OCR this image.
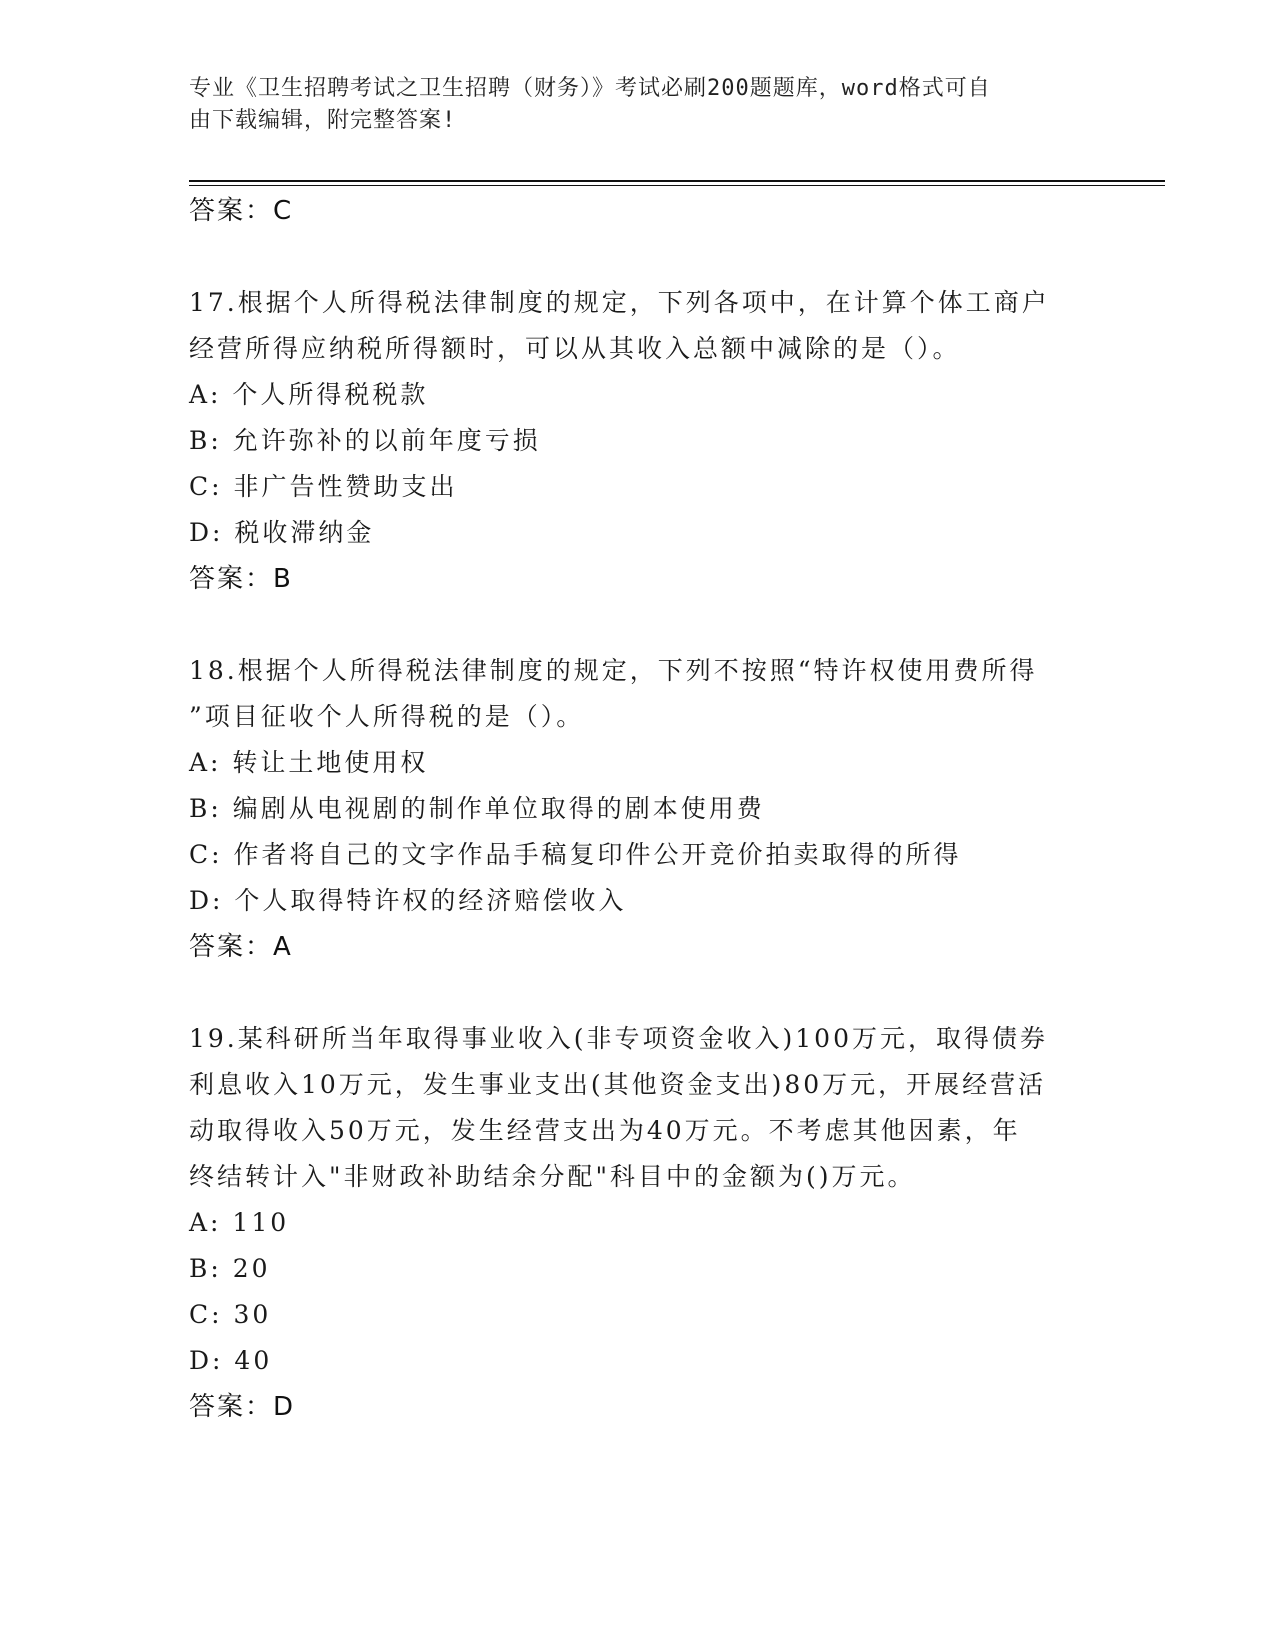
专业《卫生招聘考试之卫生招聘（财务）》考试必刷200题题库，word格式可自
由下载编辑，附完整答案!
答案：C
17.根据个人所得税法律制度的规定，下列各项中，在计算个体工商户
经营所得应纳税所得额时，可以从其收入总额中减除的是（）。
A: 个人所得税税款
B: 允许弥补的以前年度亏损
C: 非广告性赞助支出
D: 税收滞纳金
答案：B
18.根据个人所得税法律制度的规定，下列不按照“特许权使用费所得
”项目征收个人所得税的是（）。
A: 转让土地使用权
B: 编剧从电视剧的制作单位取得的剧本使用费
C: 作者将自己的文字作品手稿复印件公开竞价拍卖取得的所得
D: 个人取得特许权的经济赔偿收入
答案：A
19.某科研所当年取得事业收入(非专项资金收入)100万元，取得债券
利息收入10万元，发生事业支出(其他资金支出)80万元，开展经营活
动取得收入50万元，发生经营支出为40万元。不考虑其他因素，年
终结转计入"非财政补助结余分配"科目中的金额为()万元。
A: 110
B: 20
C: 30
D: 40
答案：D
